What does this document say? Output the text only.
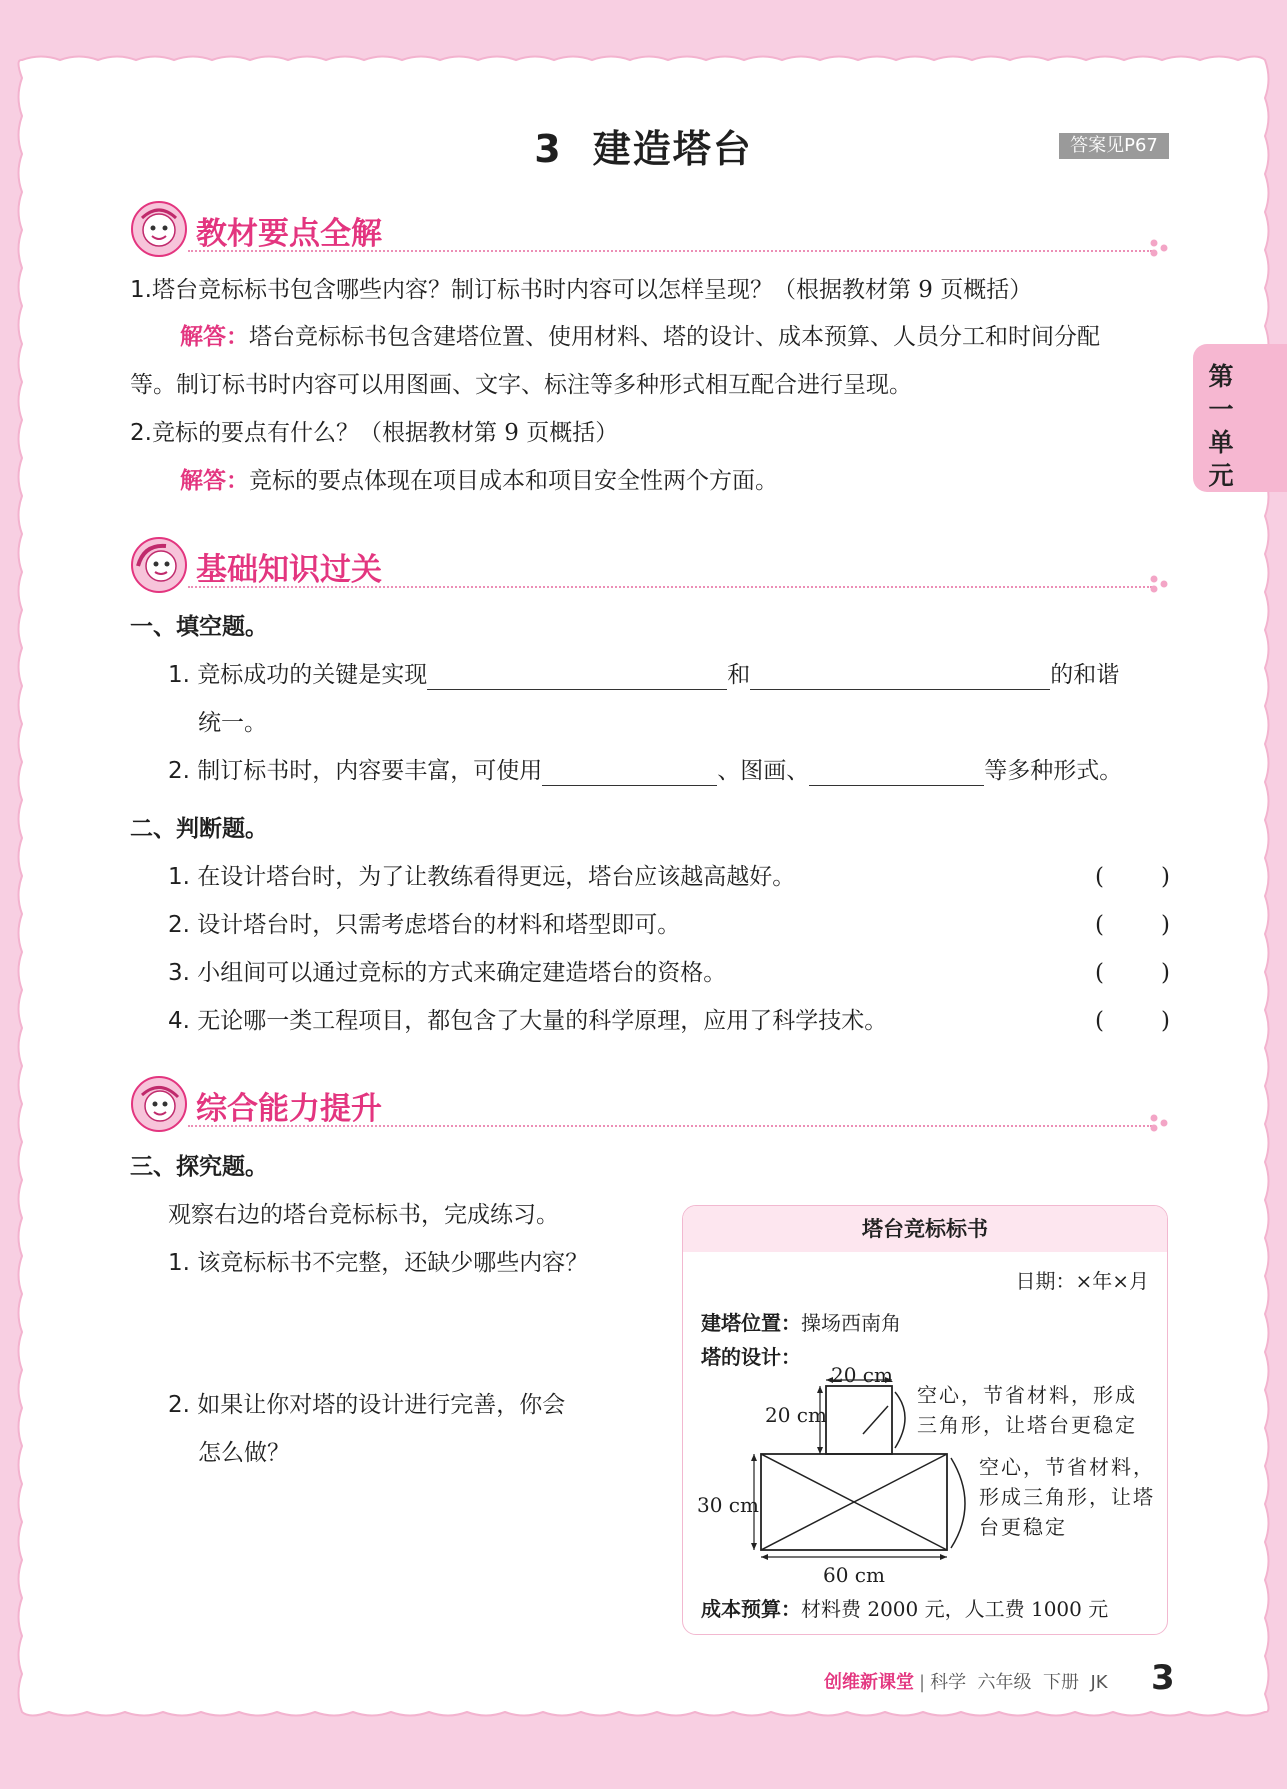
3 建造塔台	答案见P67
第
一
单
元
教材要点全解
1.塔台竞标标书包含哪些内容？制订标书时内容可以怎样呈现？（根据教材第 9 页概括）
解答：塔台竞标标书包含建塔位置、使用材料、塔的设计、成本预算、人员分工和时间分配
等。制订标书时内容可以用图画、文字、标注等多种形式相互配合进行呈现。
2.竞标的要点有什么？（根据教材第 9 页概括）
解答：竞标的要点体现在项目成本和项目安全性两个方面。
基础知识过关
一、填空题。
1. 竞标成功的关键是实现	和	的和谐
统一。
2. 制订标书时，内容要丰富，可使用	、图画、	等多种形式。
二、判断题。
1. 在设计塔台时，为了让教练看得更远，塔台应该越高越好。	( )
2. 设计塔台时，只需考虑塔台的材料和塔型即可。	( )
3. 小组间可以通过竞标的方式来确定建造塔台的资格。	( )
4. 无论哪一类工程项目，都包含了大量的科学原理，应用了科学技术。	( )
综合能力提升
三、探究题。
观察右边的塔台竞标标书，完成练习。
1. 该竞标标书不完整，还缺少哪些内容？
2. 如果让你对塔的设计进行完善，你会
怎么做？
塔台竞标标书
日期：×年×月
建塔位置：操场西南角
塔的设计：
20 cm
20 cm
30 cm
60 cm
空心，节省材料，形成
三角形，让塔台更稳定
空心，节省材料，
形成三角形，让塔
台更稳定
成本预算：材料费 2000 元，人工费 1000 元
创维新课堂 | 科学 六年级 下册 JK 3
